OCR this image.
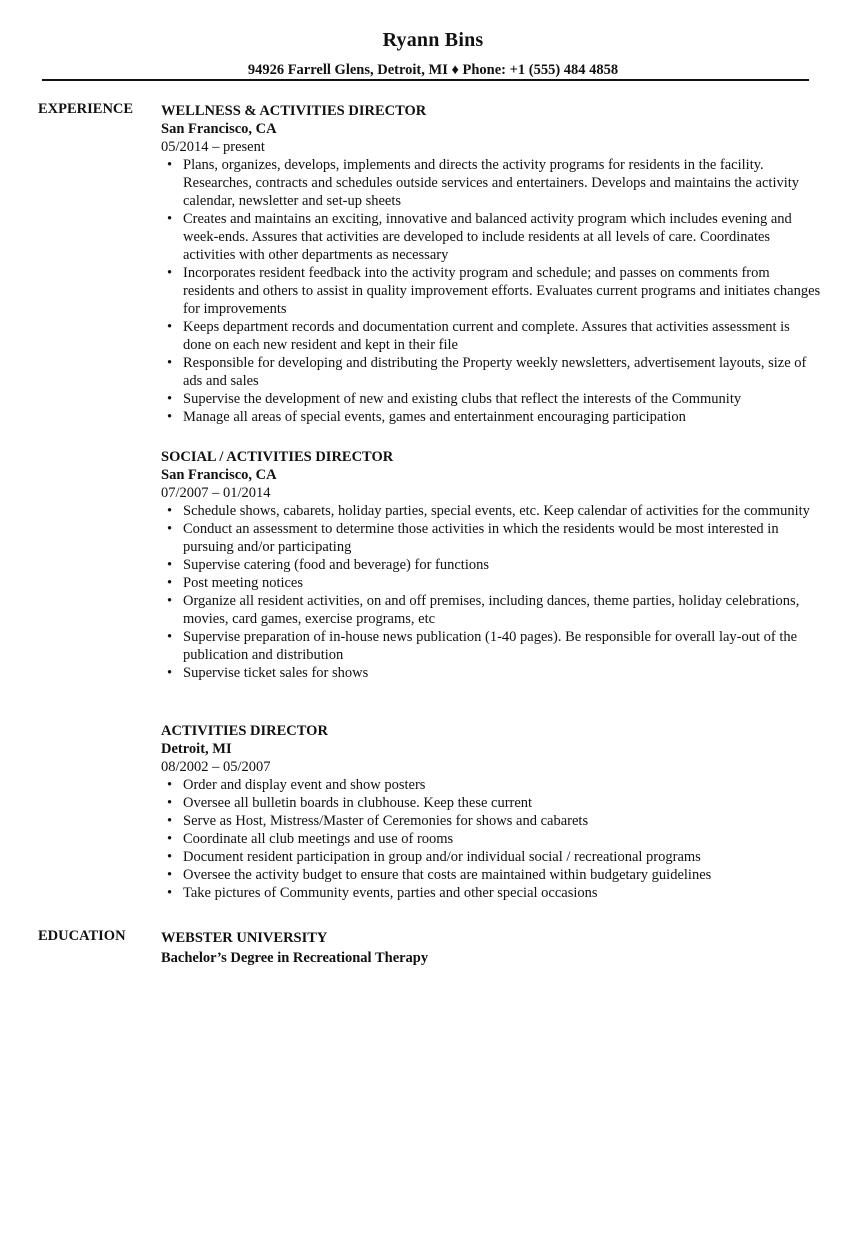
Ryann Bins
94926 Farrell Glens, Detroit, MI ♦ Phone: +1 (555) 484 4858
EXPERIENCE WELLNESS & ACTIVITIES DIRECTOR
San Francisco, CA
05/2014 – present
• Plans, organizes, develops, implements and directs the activity programs for residents in the facility. Researches, contracts and schedules outside services and entertainers. Develops and maintains the activity calendar, newsletter and set-up sheets
• Creates and maintains an exciting, innovative and balanced activity program which includes evening and week-ends. Assures that activities are developed to include residents at all levels of care. Coordinates activities with other departments as necessary
• Incorporates resident feedback into the activity program and schedule; and passes on comments from residents and others to assist in quality improvement efforts. Evaluates current programs and initiates changes for improvements
• Keeps department records and documentation current and complete. Assures that activities assessment is done on each new resident and kept in their file
• Responsible for developing and distributing the Property weekly newsletters, advertisement layouts, size of ads and sales
• Supervise the development of new and existing clubs that reflect the interests of the Community
• Manage all areas of special events, games and entertainment encouraging participation
SOCIAL / ACTIVITIES DIRECTOR
San Francisco, CA
07/2007 – 01/2014
• Schedule shows, cabarets, holiday parties, special events, etc. Keep calendar of activities for the community
• Conduct an assessment to determine those activities in which the residents would be most interested in pursuing and/or participating
• Supervise catering (food and beverage) for functions
• Post meeting notices
• Organize all resident activities, on and off premises, including dances, theme parties, holiday celebrations, movies, card games, exercise programs, etc
• Supervise preparation of in-house news publication (1-40 pages). Be responsible for overall lay-out of the publication and distribution
• Supervise ticket sales for shows
ACTIVITIES DIRECTOR
Detroit, MI
08/2002 – 05/2007
• Order and display event and show posters
• Oversee all bulletin boards in clubhouse. Keep these current
• Serve as Host, Mistress/Master of Ceremonies for shows and cabarets
• Coordinate all club meetings and use of rooms
• Document resident participation in group and/or individual social / recreational programs
• Oversee the activity budget to ensure that costs are maintained within budgetary guidelines
• Take pictures of Community events, parties and other special occasions
EDUCATION WEBSTER UNIVERSITY
Bachelor’s Degree in Recreational Therapy
